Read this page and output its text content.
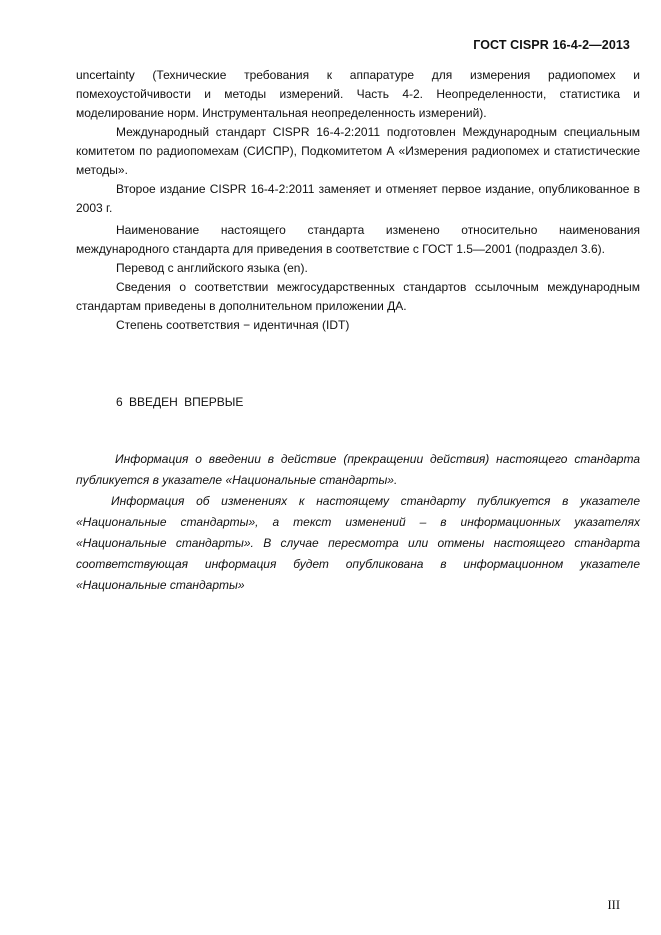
ГОСТ CISPR 16-4-2—2013

uncertainty (Технические требования к аппаратуре для измерения радиопомех и помехоустойчивости и методы измерений. Часть 4-2. Неопределенности, статистика и моделирование норм. Инструментальная неопределенность измерений).

Международный стандарт CISPR 16-4-2:2011 подготовлен Международным специальным комитетом по радиопомехам (СИСПР), Подкомитетом А «Измерения радиопомех и статистические методы».

Второе издание CISPR 16-4-2:2011 заменяет и отменяет первое издание, опубликованное в 2003 г.

Наименование настоящего стандарта изменено относительно наименования международного стандарта для приведения в соответствие с ГОСТ 1.5—2001 (подраздел 3.6).

Перевод с английского языка (en).

Сведения о соответствии межгосударственных стандартов ссылочным международным стандартам приведены в дополнительном приложении ДА.

Степень соответствия − идентичная (IDT)

6 ВВЕДЕН ВПЕРВЫЕ

Информация о введении в действие (прекращении действия) настоящего стандарта публикуется в указателе «Национальные стандарты».

Информация об изменениях к настоящему стандарту публикуется в указателе «Национальные стандарты», а текст изменений – в информационных указателях «Национальные стандарты». В случае пересмотра или отмены настоящего стандарта соответствующая информация будет опубликована в информационном указателе «Национальные стандарты»

III
